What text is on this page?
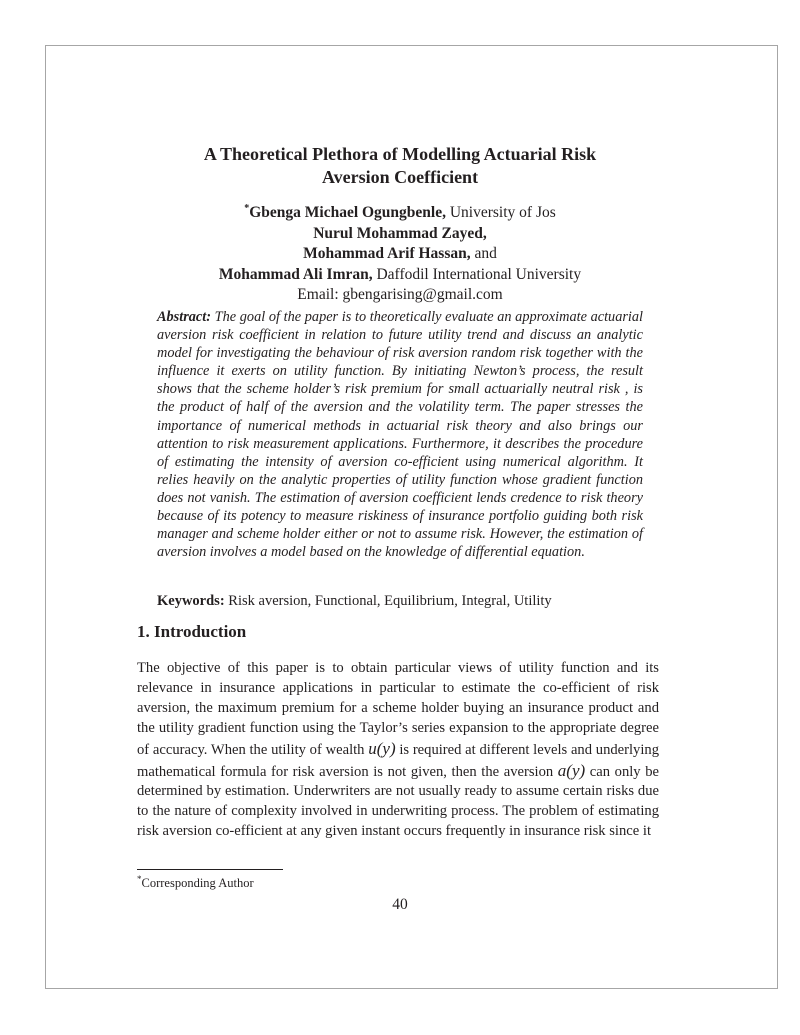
A Theoretical Plethora of Modelling Actuarial Risk
Aversion Coefficient
*Gbenga Michael Ogungbenle, University of Jos
Nurul Mohammad Zayed,
Mohammad Arif Hassan, and
Mohammad Ali Imran, Daffodil International University
Email: gbengarising@gmail.com
Abstract: The goal of the paper is to theoretically evaluate an approximate actuarial aversion risk coefficient in relation to future utility trend and discuss an analytic model for investigating the behaviour of risk aversion random risk together with the influence it exerts on utility function. By initiating Newton’s process, the result shows that the scheme holder’s risk premium for small actuarially neutral risk , is the product of half of the aversion and the volatility term. The paper stresses the importance of numerical methods in actuarial risk theory and also brings our attention to risk measurement applications. Furthermore, it describes the procedure of estimating the intensity of aversion co-efficient using numerical algorithm. It relies heavily on the analytic properties of utility function whose gradient function does not vanish. The estimation of aversion coefficient lends credence to risk theory because of its potency to measure riskiness of insurance portfolio guiding both risk manager and scheme holder either or not to assume risk. However, the estimation of aversion involves a model based on the knowledge of differential equation.
Keywords: Risk aversion, Functional, Equilibrium, Integral, Utility
1. Introduction
The objective of this paper is to obtain particular views of utility function and its relevance in insurance applications in particular to estimate the co-efficient of risk aversion, the maximum premium for a scheme holder buying an insurance product and the utility gradient function using the Taylor’s series expansion to the appropriate degree of accuracy. When the utility of wealth u(y) is required at different levels and underlying mathematical formula for risk aversion is not given, then the aversion a(y) can only be determined by estimation. Underwriters are not usually ready to assume certain risks due to the nature of complexity involved in underwriting process. The problem of estimating risk aversion co-efficient at any given instant occurs frequently in insurance risk since it
*Corresponding Author
40
